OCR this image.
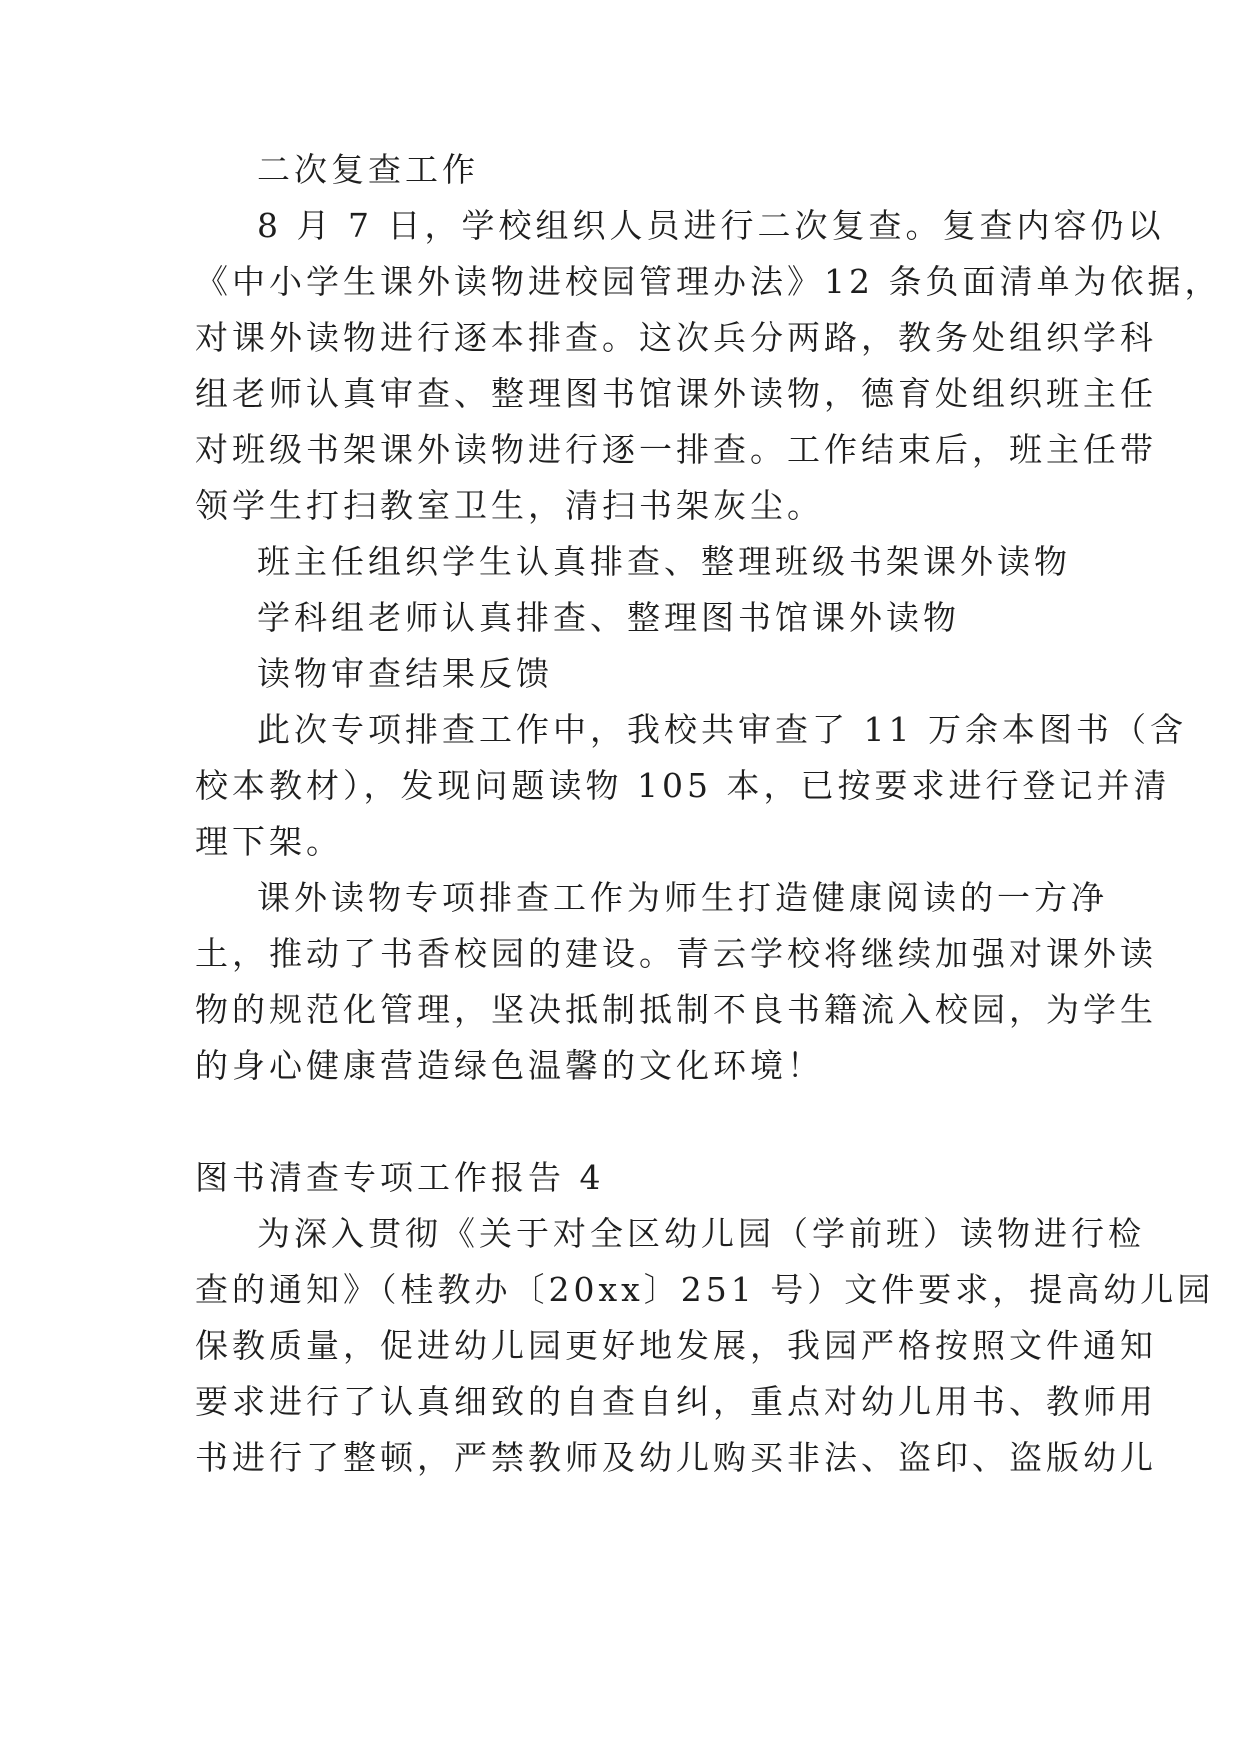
二次复查工作
8 月 7 日，学校组织人员进行二次复查。复查内容仍以
《中小学生课外读物进校园管理办法》12 条负面清单为依据，
对课外读物进行逐本排查。这次兵分两路，教务处组织学科
组老师认真审查、整理图书馆课外读物，德育处组织班主任
对班级书架课外读物进行逐一排查。工作结束后，班主任带
领学生打扫教室卫生，清扫书架灰尘。
班主任组织学生认真排查、整理班级书架课外读物
学科组老师认真排查、整理图书馆课外读物
读物审查结果反馈
此次专项排查工作中，我校共审查了 11 万余本图书（含
校本教材），发现问题读物 105 本，已按要求进行登记并清
理下架。
课外读物专项排查工作为师生打造健康阅读的一方净
土，推动了书香校园的建设。青云学校将继续加强对课外读
物的规范化管理，坚决抵制抵制不良书籍流入校园，为学生
的身心健康营造绿色温馨的文化环境！
图书清查专项工作报告 4
为深入贯彻《关于对全区幼儿园（学前班）读物进行检
查的通知》（桂教办〔20xx〕251 号）文件要求，提高幼儿园
保教质量，促进幼儿园更好地发展，我园严格按照文件通知
要求进行了认真细致的自查自纠，重点对幼儿用书、教师用
书进行了整顿，严禁教师及幼儿购买非法、盗印、盗版幼儿
